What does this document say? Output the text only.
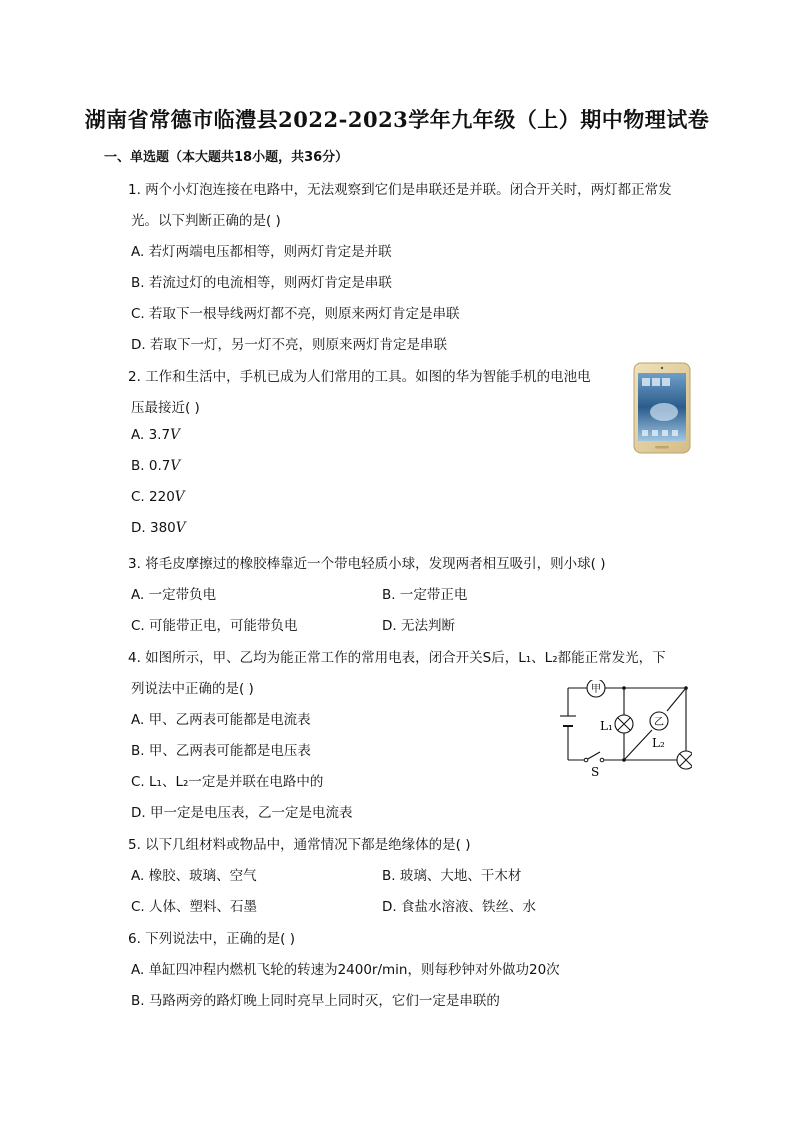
湖南省常德市临澧县2022-2023学年九年级（上）期中物理试卷
一、单选题（本大题共18小题，共36分）
1. 两个小灯泡连接在电路中，无法观察到它们是串联还是并联。闭合开关时，两灯都正常发
光。以下判断正确的是( )
A. 若灯两端电压都相等，则两灯肯定是并联
B. 若流过灯的电流相等，则两灯肯定是串联
C. 若取下一根导线两灯都不亮，则原来两灯肯定是串联
D. 若取下一灯，另一灯不亮，则原来两灯肯定是串联
2. 工作和生活中，手机已成为人们常用的工具。如图的华为智能手机的电池电
压最接近( )
A. 3.7V
B. 0.7V
C. 220V
D. 380V
3. 将毛皮摩擦过的橡胶棒靠近一个带电轻质小球，发现两者相互吸引，则小球( )
A. 一定带负电	B. 一定带正电
C. 可能带正电，可能带负电	D. 无法判断
4. 如图所示，甲、乙均为能正常工作的常用电表，闭合开关S后，L₁、L₂都能正常发光，下
列说法中正确的是( )
A. 甲、乙两表可能都是电流表
B. 甲、乙两表可能都是电压表
C. L₁、L₂一定是并联在电路中的
D. 甲一定是电压表，乙一定是电流表
甲
L₁	乙
L₂
S
5. 以下几组材料或物品中，通常情况下都是绝缘体的是( )
A. 橡胶、玻璃、空气	B. 玻璃、大地、干木材
C. 人体、塑料、石墨	D. 食盐水溶液、铁丝、水
6. 下列说法中，正确的是( )
A. 单缸四冲程内燃机飞轮的转速为2400r/min，则每秒钟对外做功20次
B. 马路两旁的路灯晚上同时亮早上同时灭，它们一定是串联的
